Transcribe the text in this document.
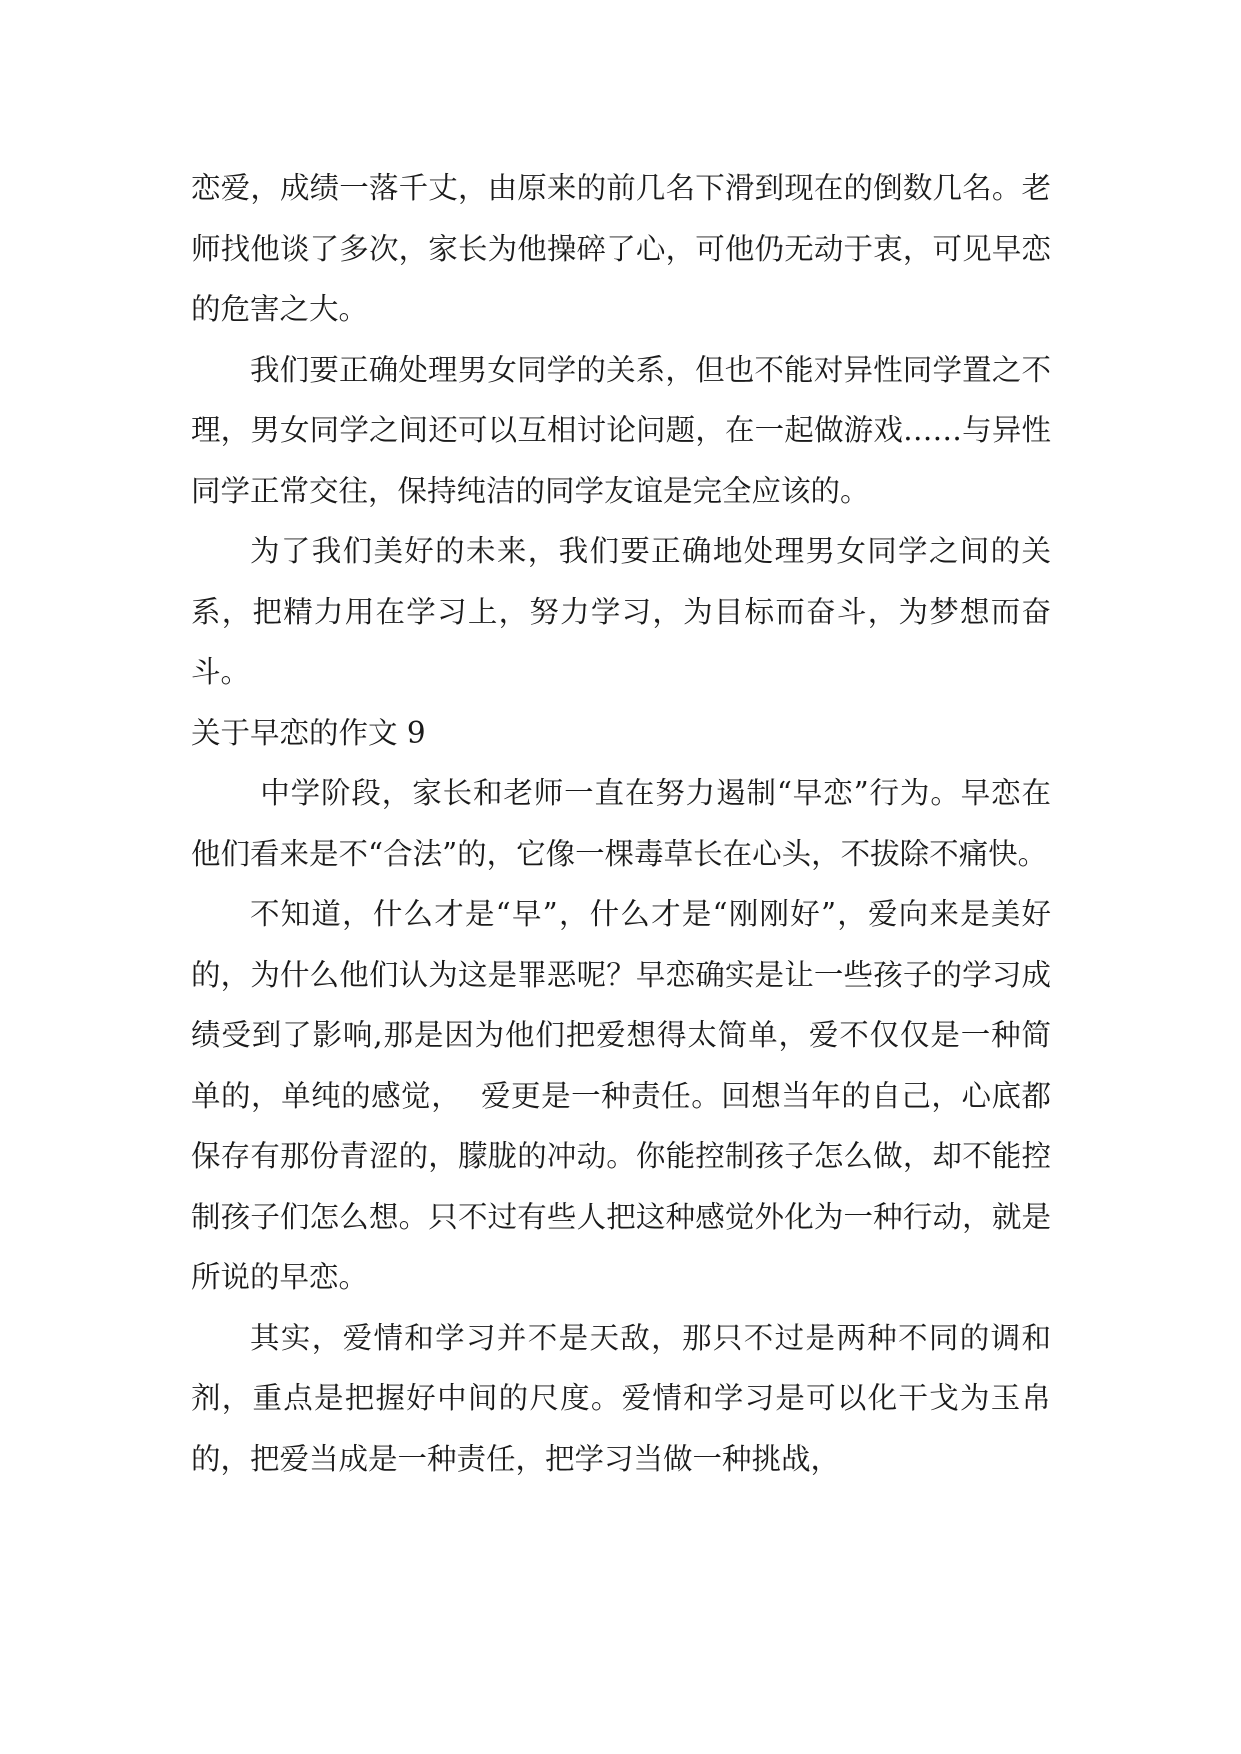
恋爱，成绩一落千丈，由原来的前几名下滑到现在的倒数几名。老师找他谈了多次，家长为他操碎了心，可他仍无动于衷，可见早恋的危害之大。

我们要正确处理男女同学的关系，但也不能对异性同学置之不理，男女同学之间还可以互相讨论问题，在一起做游戏……与异性同学正常交往，保持纯洁的同学友谊是完全应该的。

为了我们美好的未来，我们要正确地处理男女同学之间的关系，把精力用在学习上，努力学习，为目标而奋斗，为梦想而奋斗。

关于早恋的作文 9

中学阶段，家长和老师一直在努力遏制“早恋”行为。早恋在他们看来是不“合法”的，它像一棵毒草长在心头，不拔除不痛快。

不知道，什么才是“早”，什么才是“刚刚好”，爱向来是美好的，为什么他们认为这是罪恶呢？早恋确实是让一些孩子的学习成绩受到了影响,那是因为他们把爱想得太简单，爱不仅仅是一种简单的，单纯的感觉，  爱更是一种责任。回想当年的自己，心底都保存有那份青涩的，朦胧的冲动。你能控制孩子怎么做，却不能控制孩子们怎么想。只不过有些人把这种感觉外化为一种行动，就是所说的早恋。

其实，爱情和学习并不是天敌，那只不过是两种不同的调和剂，重点是把握好中间的尺度。爱情和学习是可以化干戈为玉帛的，把爱当成是一种责任，把学习当做一种挑战，
